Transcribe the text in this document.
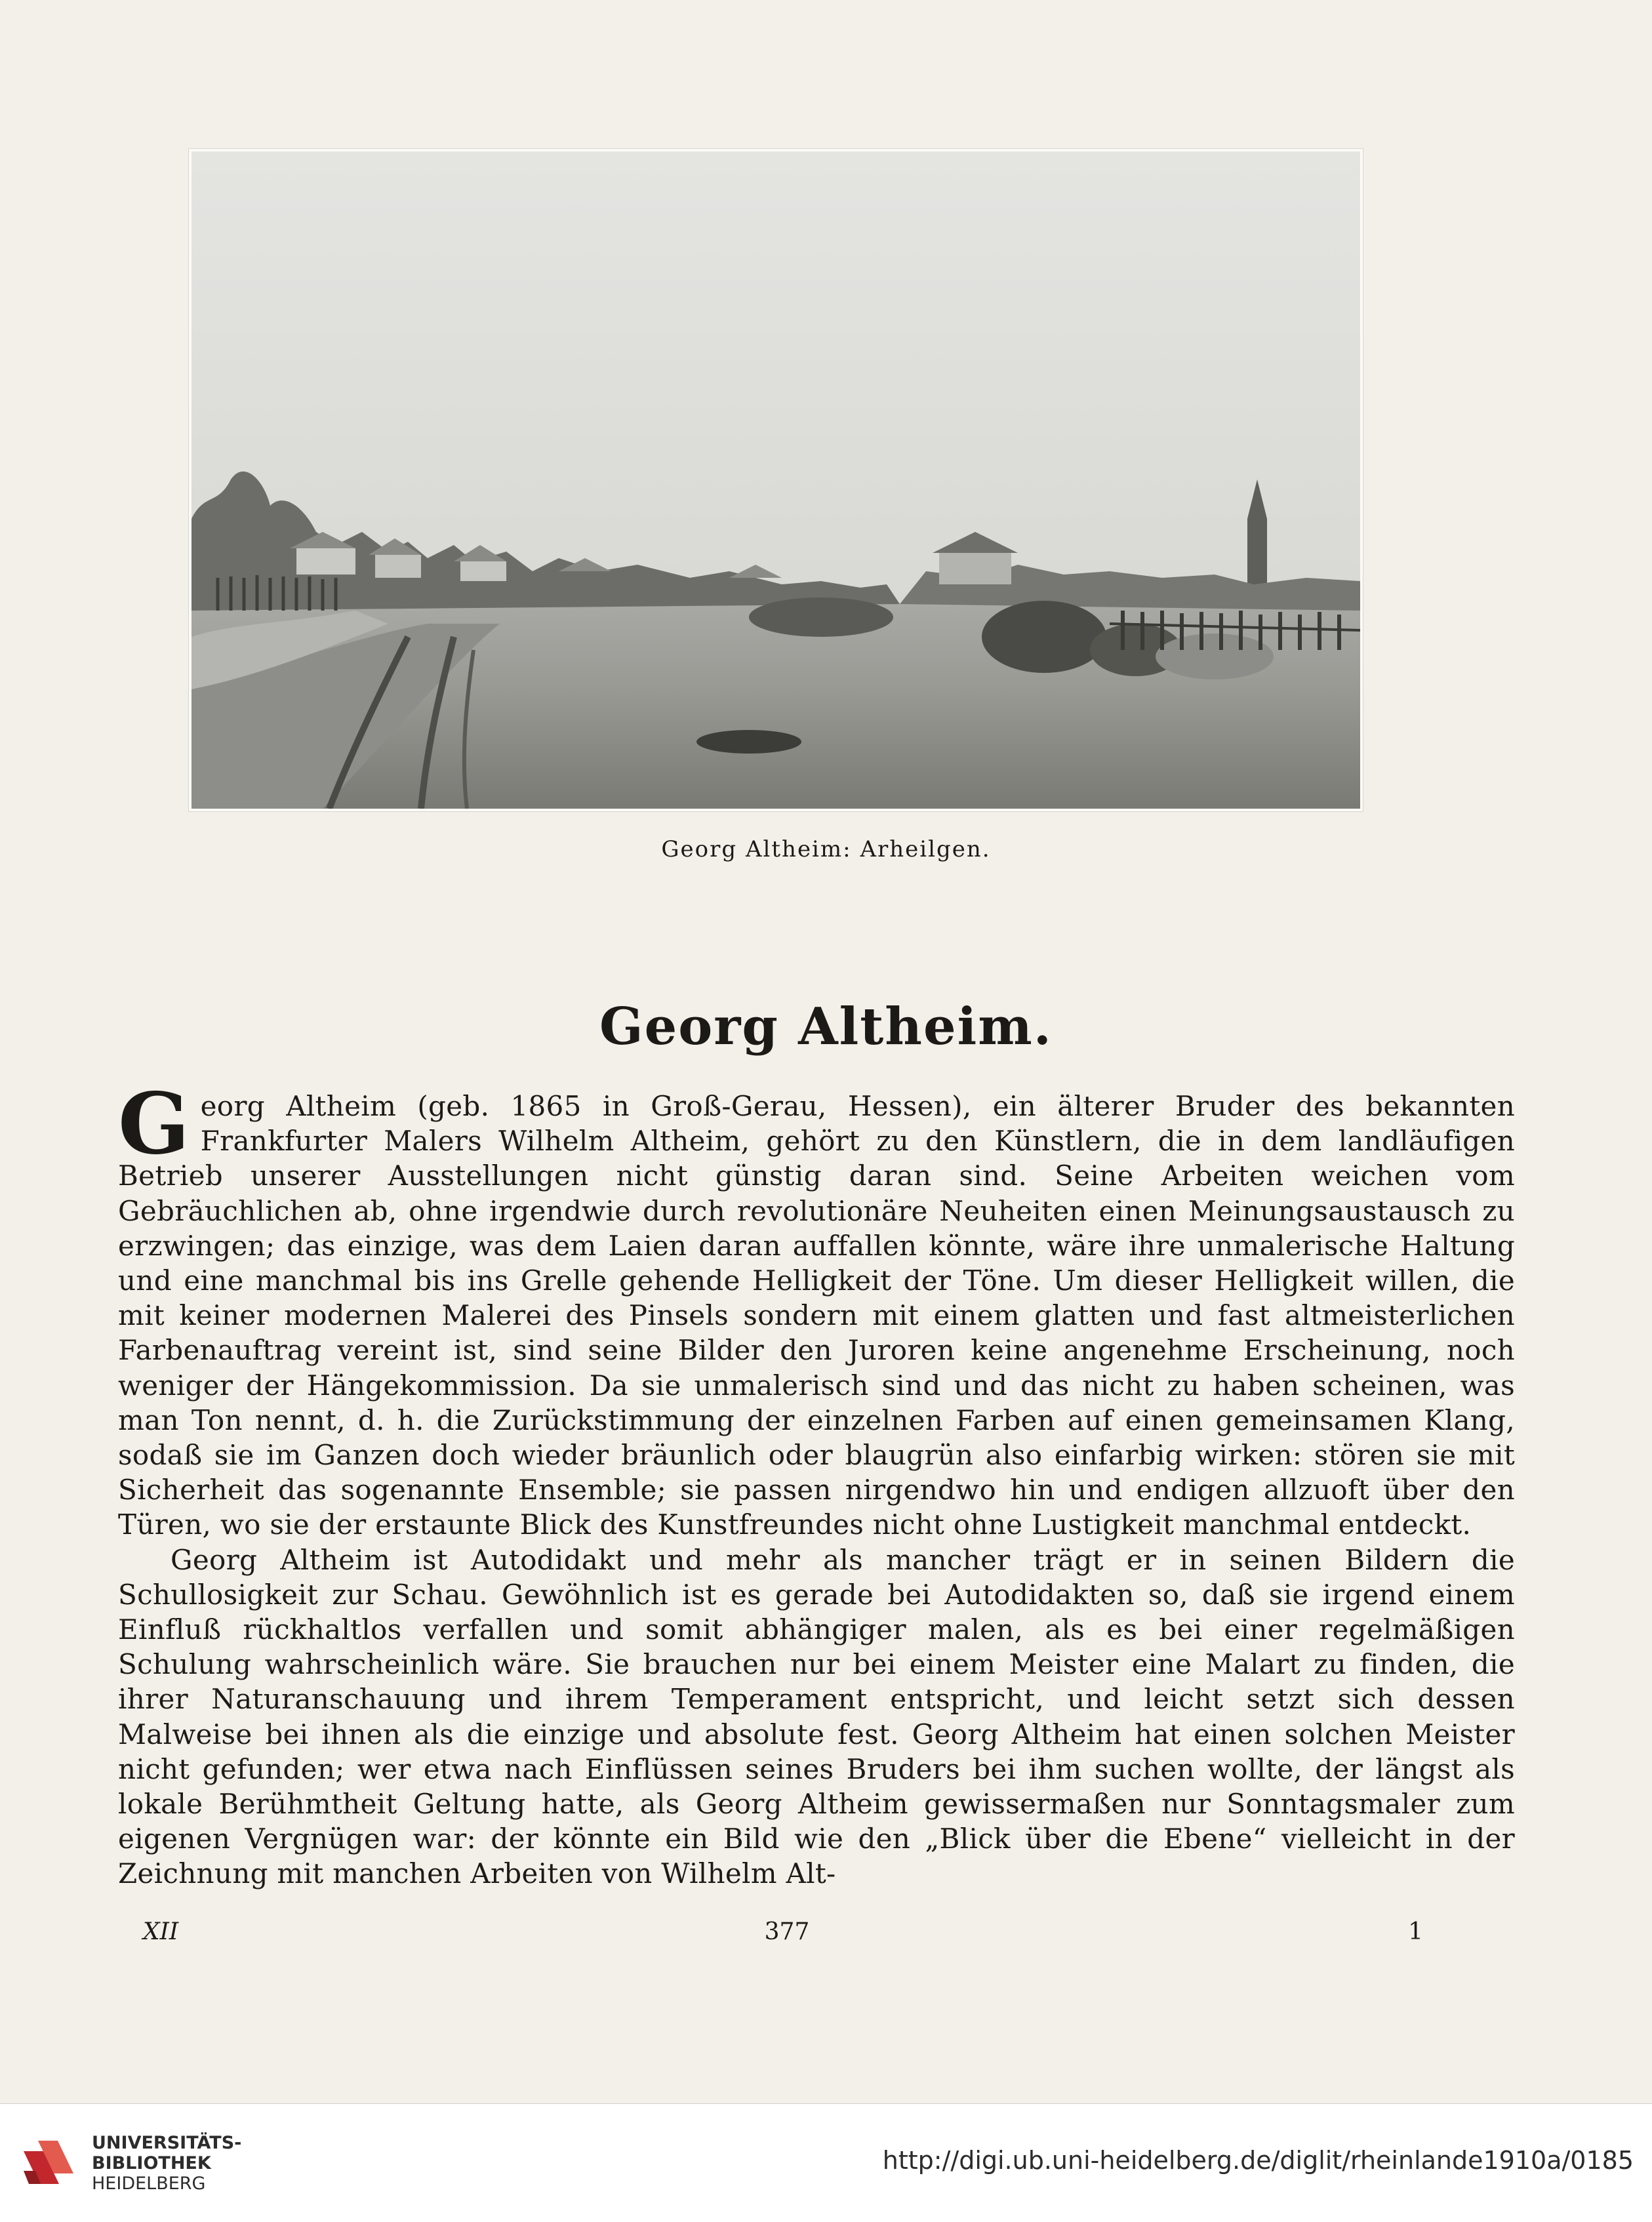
Georg Altheim: Arheilgen.
Georg Altheim.

Georg Altheim (geb. 1865 in Groß-Gerau, Hessen), ein älterer Bruder des bekannten Frankfurter Malers Wilhelm Altheim, gehört zu den Künstlern, die in dem landläufigen Betrieb unserer Ausstellungen nicht günstig daran sind. Seine Arbeiten weichen vom Gebräuchlichen ab, ohne irgendwie durch revolutionäre Neuheiten einen Meinungsaustausch zu erzwingen; das einzige, was dem Laien daran auffallen könnte, wäre ihre unmalerische Haltung und eine manchmal bis ins Grelle gehende Helligkeit der Töne. Um dieser Helligkeit willen, die mit keiner modernen Malerei des Pinsels sondern mit einem glatten und fast altmeisterlichen Farbenauftrag vereint ist, sind seine Bilder den Juroren keine angenehme Erscheinung, noch weniger der Hängekommission. Da sie unmalerisch sind und das nicht zu haben scheinen, was man Ton nennt, d. h. die Zurückstimmung der einzelnen Farben auf einen gemeinsamen Klang, sodaß sie im Ganzen doch wieder bräunlich oder blaugrün also einfarbig wirken: stören sie mit Sicherheit das sogenannte Ensemble; sie passen nirgendwo hin und endigen allzuoft über den Türen, wo sie der erstaunte Blick des Kunstfreundes nicht ohne Lustigkeit manchmal entdeckt.

Georg Altheim ist Autodidakt und mehr als mancher trägt er in seinen Bildern die Schullosigkeit zur Schau. Gewöhnlich ist es gerade bei Autodidakten so, daß sie irgend einem Einfluß rückhaltlos verfallen und somit abhängiger malen, als es bei einer regelmäßigen Schulung wahrscheinlich wäre. Sie brauchen nur bei einem Meister eine Malart zu finden, die ihrer Naturanschauung und ihrem Temperament entspricht, und leicht setzt sich dessen Malweise bei ihnen als die einzige und absolute fest. Georg Altheim hat einen solchen Meister nicht gefunden; wer etwa nach Einflüssen seines Bruders bei ihm suchen wollte, der längst als lokale Berühmtheit Geltung hatte, als Georg Altheim gewissermaßen nur Sonntagsmaler zum eigenen Vergnügen war: der könnte ein Bild wie den „Blick über die Ebene“ vielleicht in der Zeichnung mit manchen Arbeiten von Wilhelm Alt-

XII	377	1
UNIVERSITÄTS-
BIBLIOTHEK
HEIDELBERG
http://digi.ub.uni-heidelberg.de/diglit/rheinlande1910a/0185
